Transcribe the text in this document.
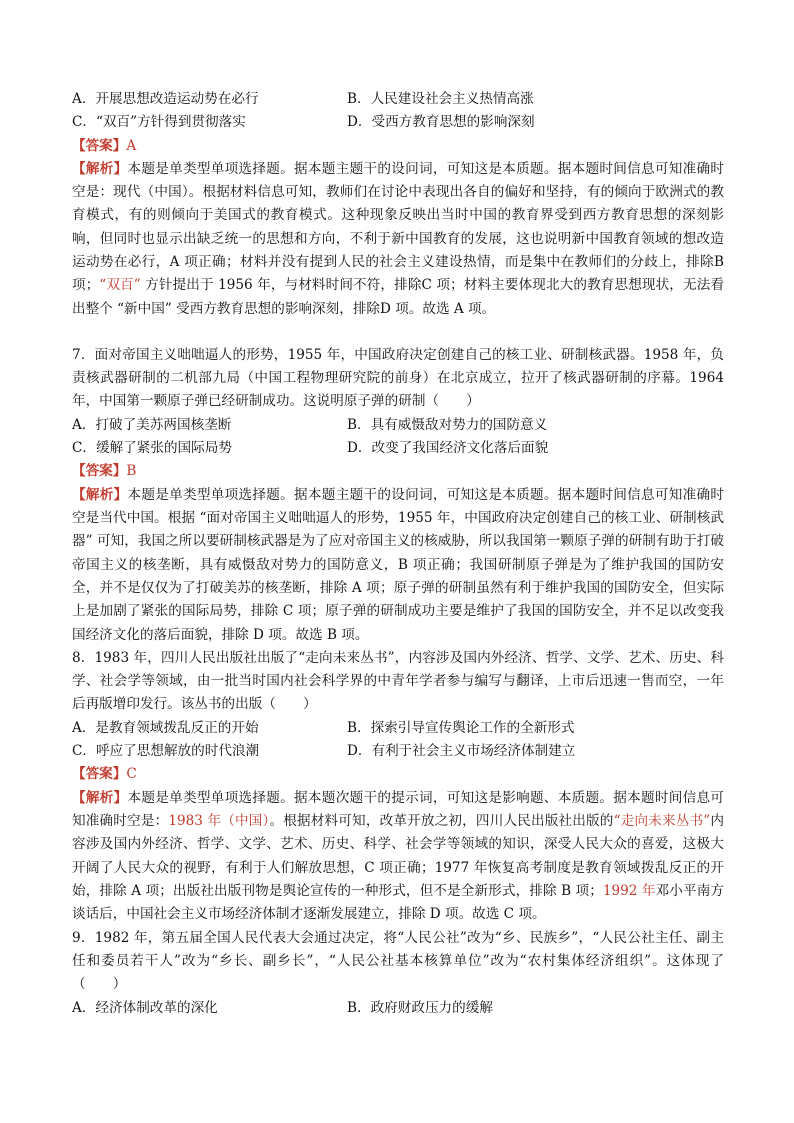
A．开展思想改造运动势在必行	B．人民建设社会主义热情高涨
C．“双百”方针得到贯彻落实	D．受西方教育思想的影响深刻
【答案】A
【解析】本题是单类型单项选择题。据本题主题干的设问词，可知这是本质题。据本题时间信息可知准确时空是：现代（中国）。根据材料信息可知，教师们在讨论中表现出各自的偏好和坚持，有的倾向于欧洲式的教育模式，有的则倾向于美国式的教育模式。这种现象反映出当时中国的教育界受到西方教育思想的深刻影响，但同时也显示出缺乏统一的思想和方向，不利于新中国教育的发展，这也说明新中国教育领域的想改造运动势在必行，A 项正确；材料并没有提到人民的社会主义建设热情，而是集中在教师们的分歧上，排除B 项；“双百” 方针提出于 1956 年，与材料时间不符，排除C 项；材料主要体现北大的教育思想现状，无法看出整个 “新中国” 受西方教育思想的影响深刻，排除D 项。故选 A 项。
7．面对帝国主义咄咄逼人的形势，1955 年，中国政府决定创建自己的核工业、研制核武器。1958 年，负责核武器研制的二机部九局（中国工程物理研究院的前身）在北京成立，拉开了核武器研制的序幕。1964 年，中国第一颗原子弹已经研制成功。这说明原子弹的研制（　　）
A．打破了美苏两国核垄断	B．具有威慑敌对势力的国防意义
C．缓解了紧张的国际局势	D．改变了我国经济文化落后面貌
【答案】B
【解析】本题是单类型单项选择题。据本题主题干的设问词，可知这是本质题。据本题时间信息可知准确时空是当代中国。根据 “面对帝国主义咄咄逼人的形势，1955 年，中国政府决定创建自己的核工业、研制核武器” 可知，我国之所以要研制核武器是为了应对帝国主义的核威胁，所以我国第一颗原子弹的研制有助于打破帝国主义的核垄断，具有威慑敌对势力的国防意义，B 项正确；我国研制原子弹是为了维护我国的国防安全，并不是仅仅为了打破美苏的核垄断，排除 A 项；原子弹的研制虽然有利于维护我国的国防安全，但实际上是加剧了紧张的国际局势，排除 C 项；原子弹的研制成功主要是维护了我国的国防安全，并不足以改变我国经济文化的落后面貌，排除 D 项。故选 B 项。
8．1983 年，四川人民出版社出版了“走向未来丛书”，内容涉及国内外经济、哲学、文学、艺术、历史、科学、社会学等领域，由一批当时国内社会科学界的中青年学者参与编写与翻译，上市后迅速一售而空，一年后再版增印发行。该丛书的出版（　　）
A．是教育领域拨乱反正的开始	B．探索引导宣传舆论工作的全新形式
C．呼应了思想解放的时代浪潮	D．有利于社会主义市场经济体制建立
【答案】C
【解析】本题是单类型单项选择题。据本题次题干的提示词，可知这是影响题、本质题。据本题时间信息可知准确时空是：1983 年（中国）。根据材料可知，改革开放之初，四川人民出版社出版的“走向未来丛书”内容涉及国内外经济、哲学、文学、艺术、历史、科学、社会学等领域的知识，深受人民大众的喜爱，这极大开阔了人民大众的视野，有利于人们解放思想，C 项正确；1977 年恢复高考制度是教育领域拨乱反正的开始，排除 A 项；出版社出版刊物是舆论宣传的一种形式，但不是全新形式，排除 B 项；1992 年邓小平南方谈话后，中国社会主义市场经济体制才逐渐发展建立，排除 D 项。故选 C 项。
9．1982 年，第五届全国人民代表大会通过决定，将“人民公社”改为“乡、民族乡”，“人民公社主任、副主任和委员若干人”改为“乡长、副乡长”，“人民公社基本核算单位”改为“农村集体经济组织”。这体现了（　　）
A．经济体制改革的深化	B．政府财政压力的缓解
